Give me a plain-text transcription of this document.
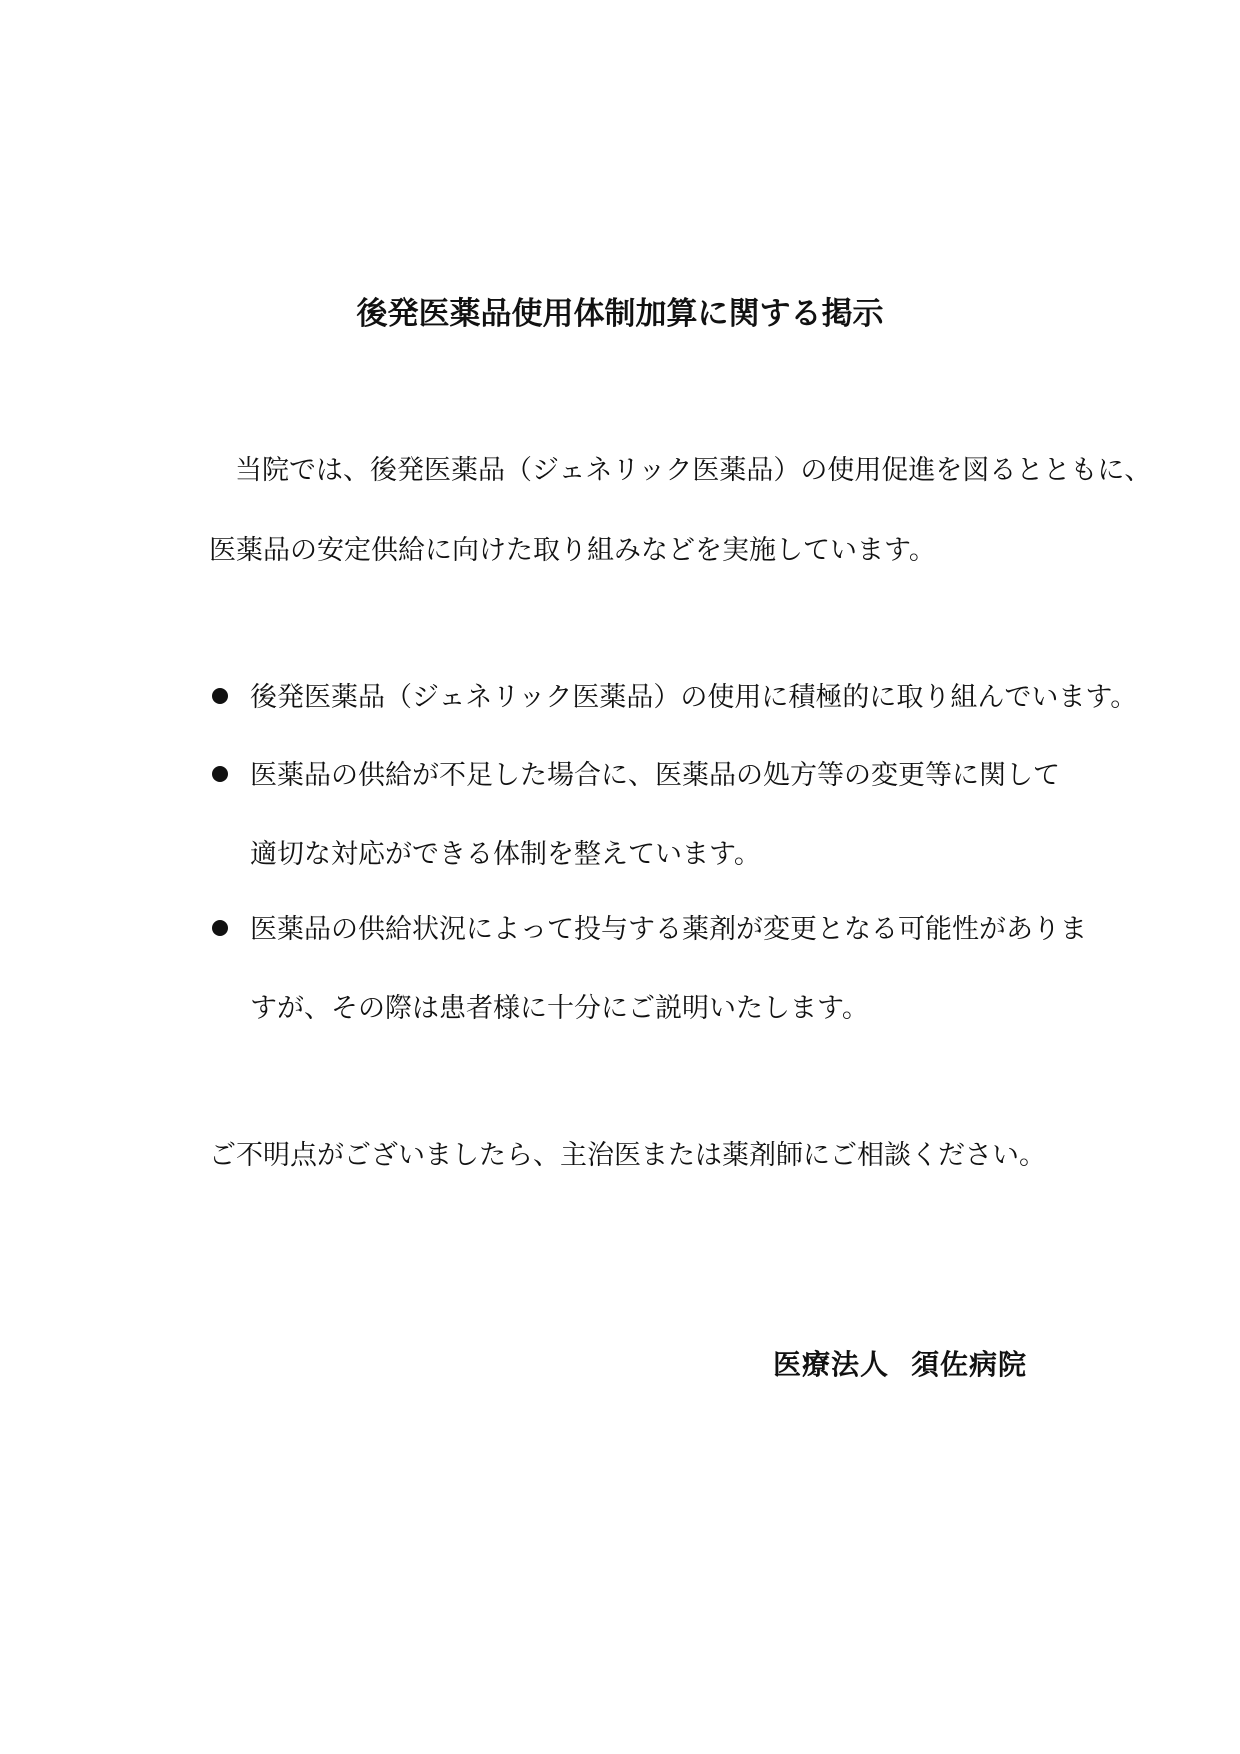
後発医薬品使用体制加算に関する掲示
当院では、後発医薬品（ジェネリック医薬品）の使用促進を図るとともに、
医薬品の安定供給に向けた取り組みなどを実施しています。
後発医薬品（ジェネリック医薬品）の使用に積極的に取り組んでいます。
医薬品の供給が不足した場合に、医薬品の処方等の変更等に関して
適切な対応ができる体制を整えています。
医薬品の供給状況によって投与する薬剤が変更となる可能性がありま
すが、その際は患者様に十分にご説明いたします。
ご不明点がございましたら、主治医または薬剤師にご相談ください。
医療法人 須佐病院
